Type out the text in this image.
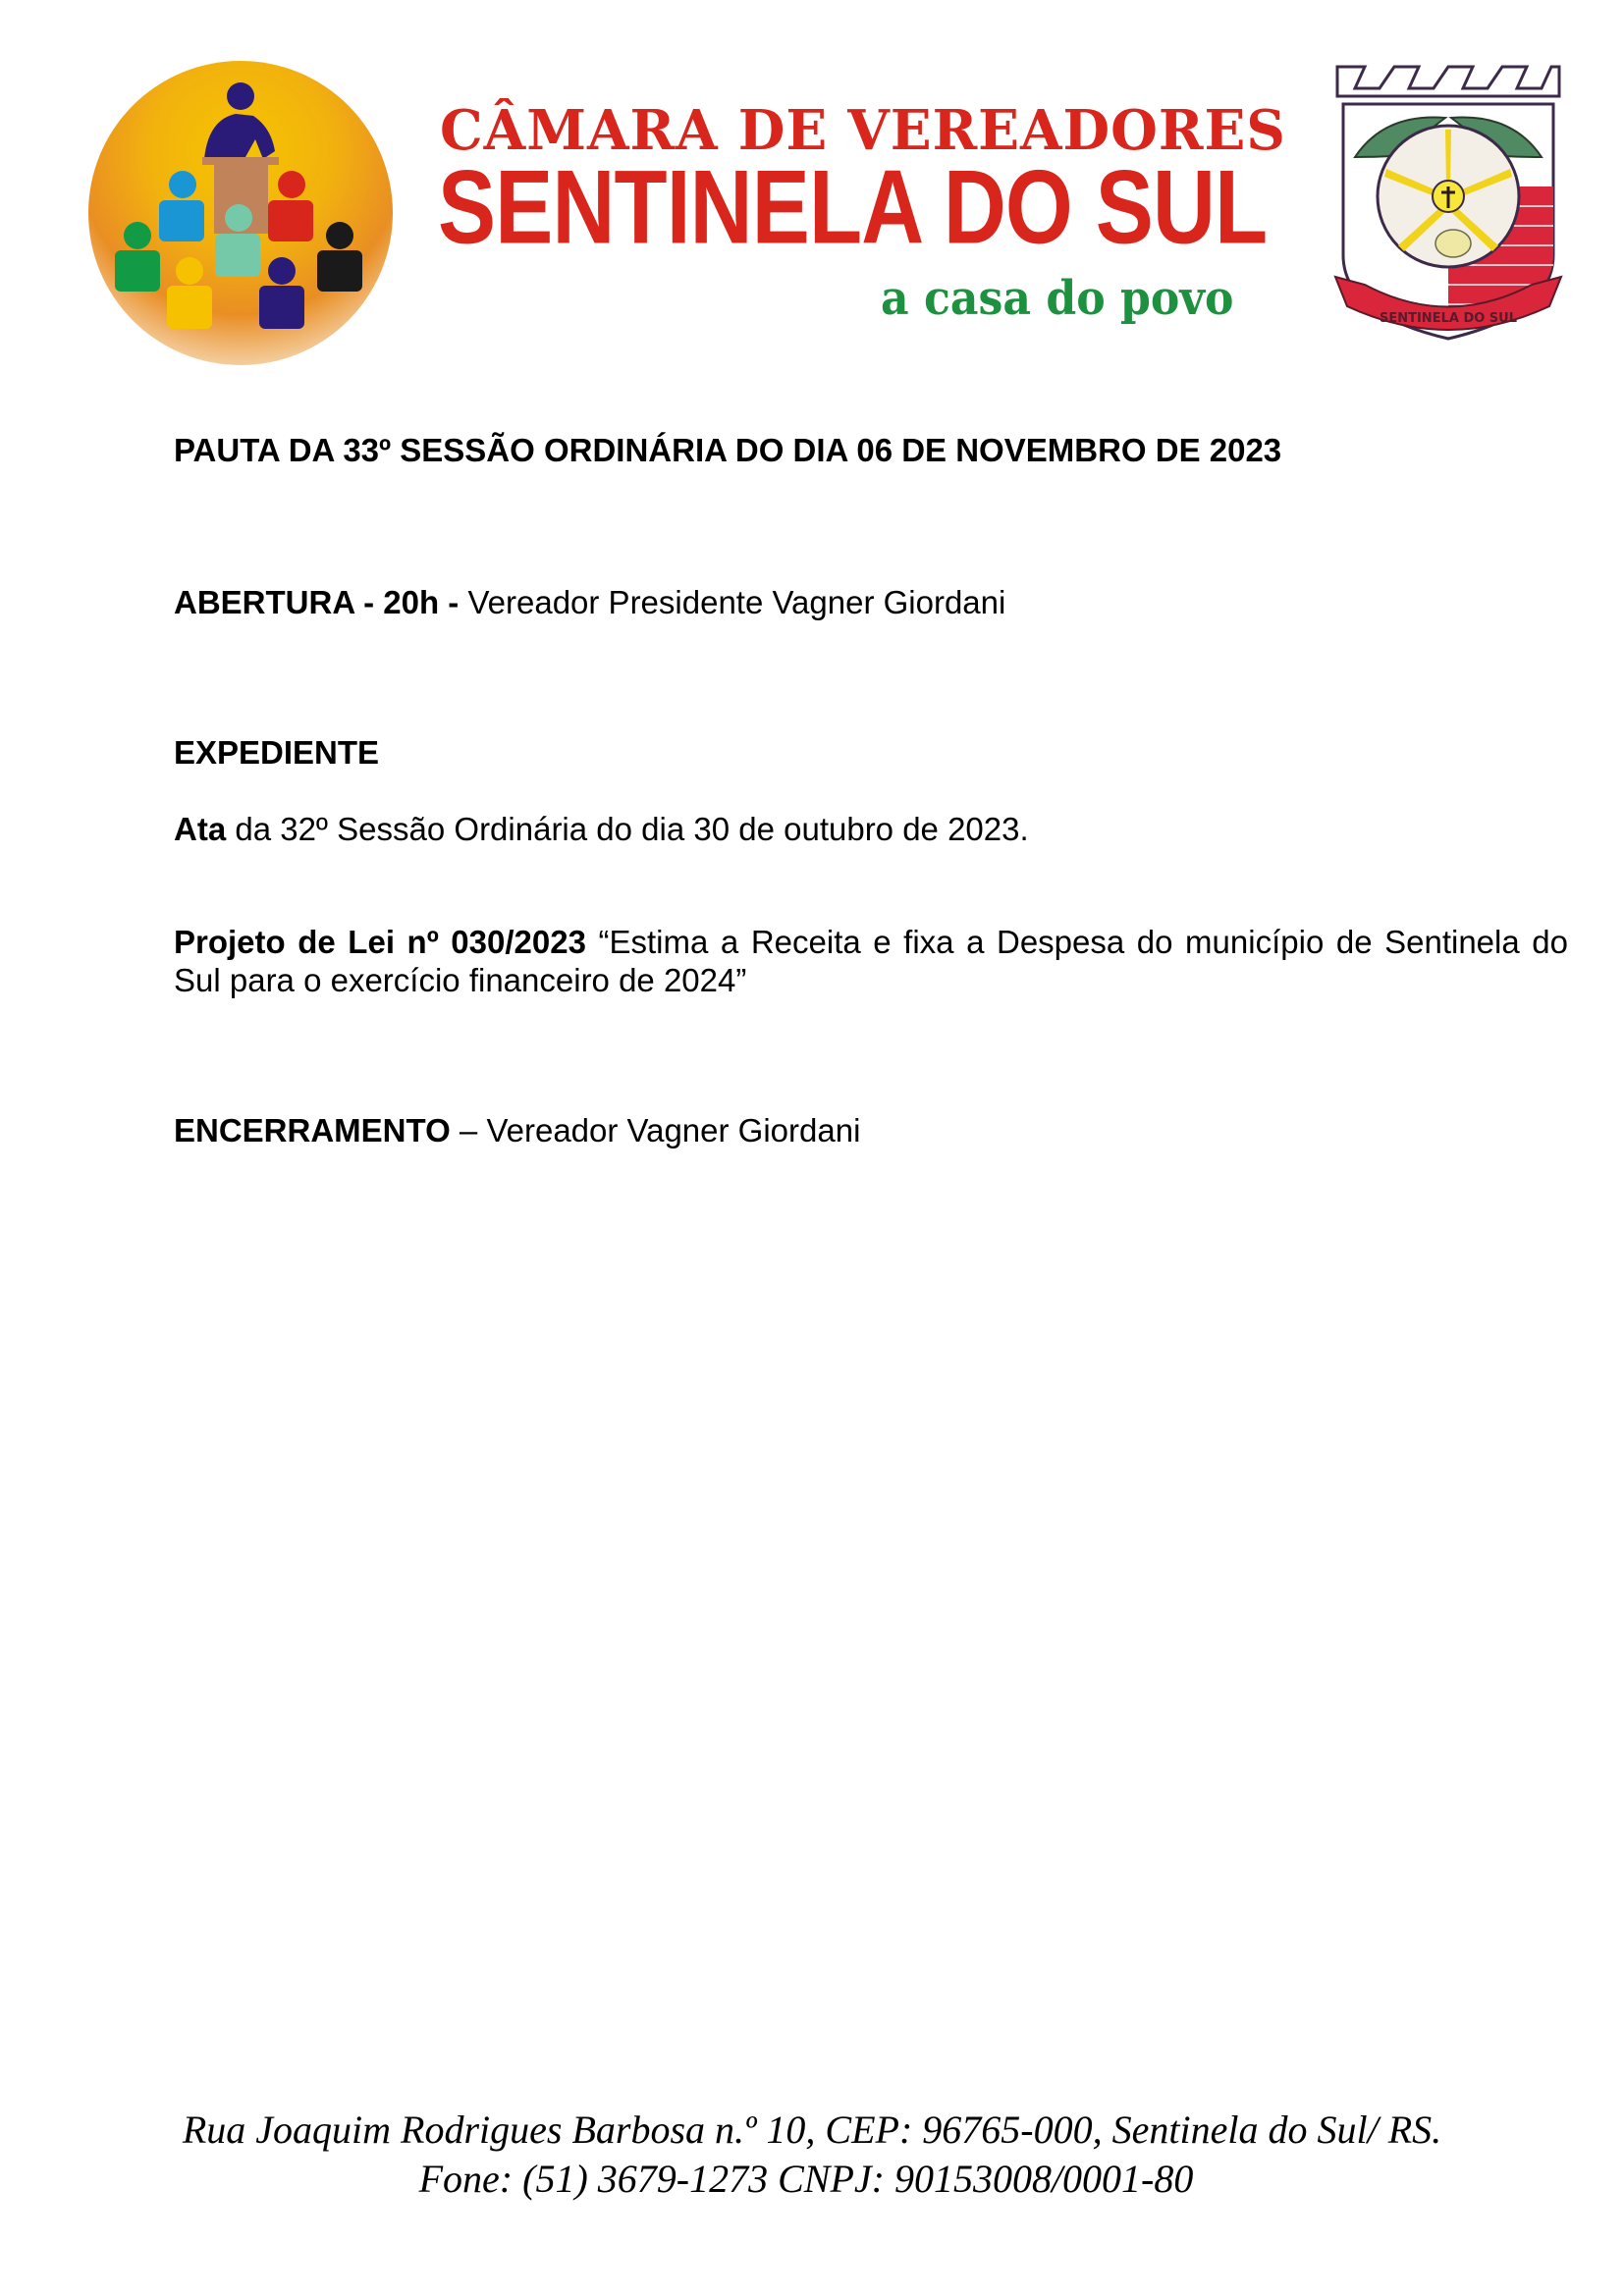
CÂMARA DE VEREADORES
SENTINELA DO SUL
a casa do povo	SENTINELA DO SUL
PAUTA DA 33º SESSÃO ORDINÁRIA DO DIA 06 DE NOVEMBRO DE 2023
ABERTURA - 20h - Vereador Presidente Vagner Giordani
EXPEDIENTE
Ata da 32º Sessão Ordinária do dia 30 de outubro de 2023.
Projeto de Lei nº 030/2023 “Estima a Receita e fixa a Despesa do município de Sentinela do Sul para o exercício financeiro de 2024”
ENCERRAMENTO – Vereador Vagner Giordani
Rua Joaquim Rodrigues Barbosa n.º 10, CEP: 96765-000, Sentinela do Sul/ RS.
Fone: (51) 3679-1273 CNPJ: 90153008/0001-80
